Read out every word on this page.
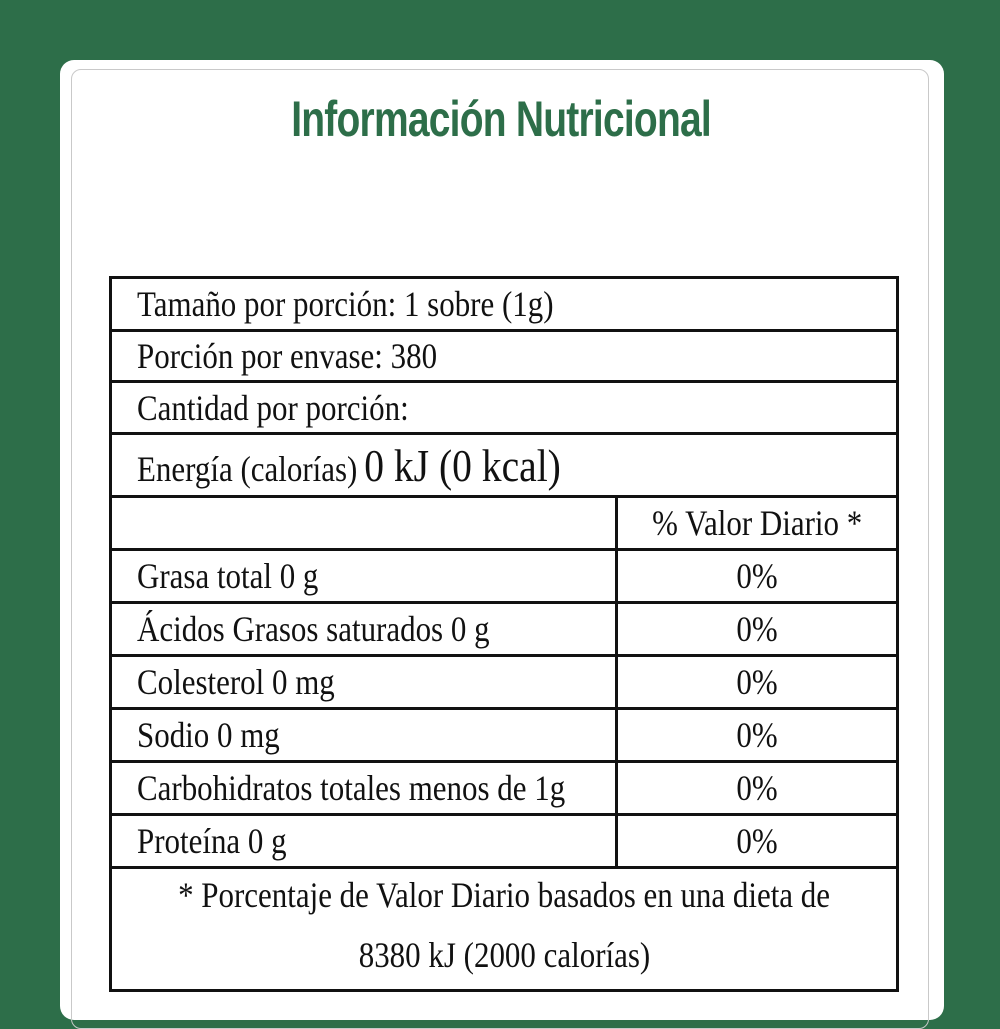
Información Nutricional
Tamaño por porción: 1 sobre (1g)	
Porción por envase: 380	
Cantidad por porción:	
Energía (calorías) 0 kJ (0 kcal)	
	% Valor Diario *
Grasa total 0 g	0%
Ácidos Grasos saturados 0 g	0%
Colesterol 0 mg	0%
Sodio 0 mg	0%
Carbohidratos totales menos de 1g	0%
Proteína 0 g	0%
* Porcentaje de Valor Diario basados en una dieta de
8380 kJ (2000 calorías)	
